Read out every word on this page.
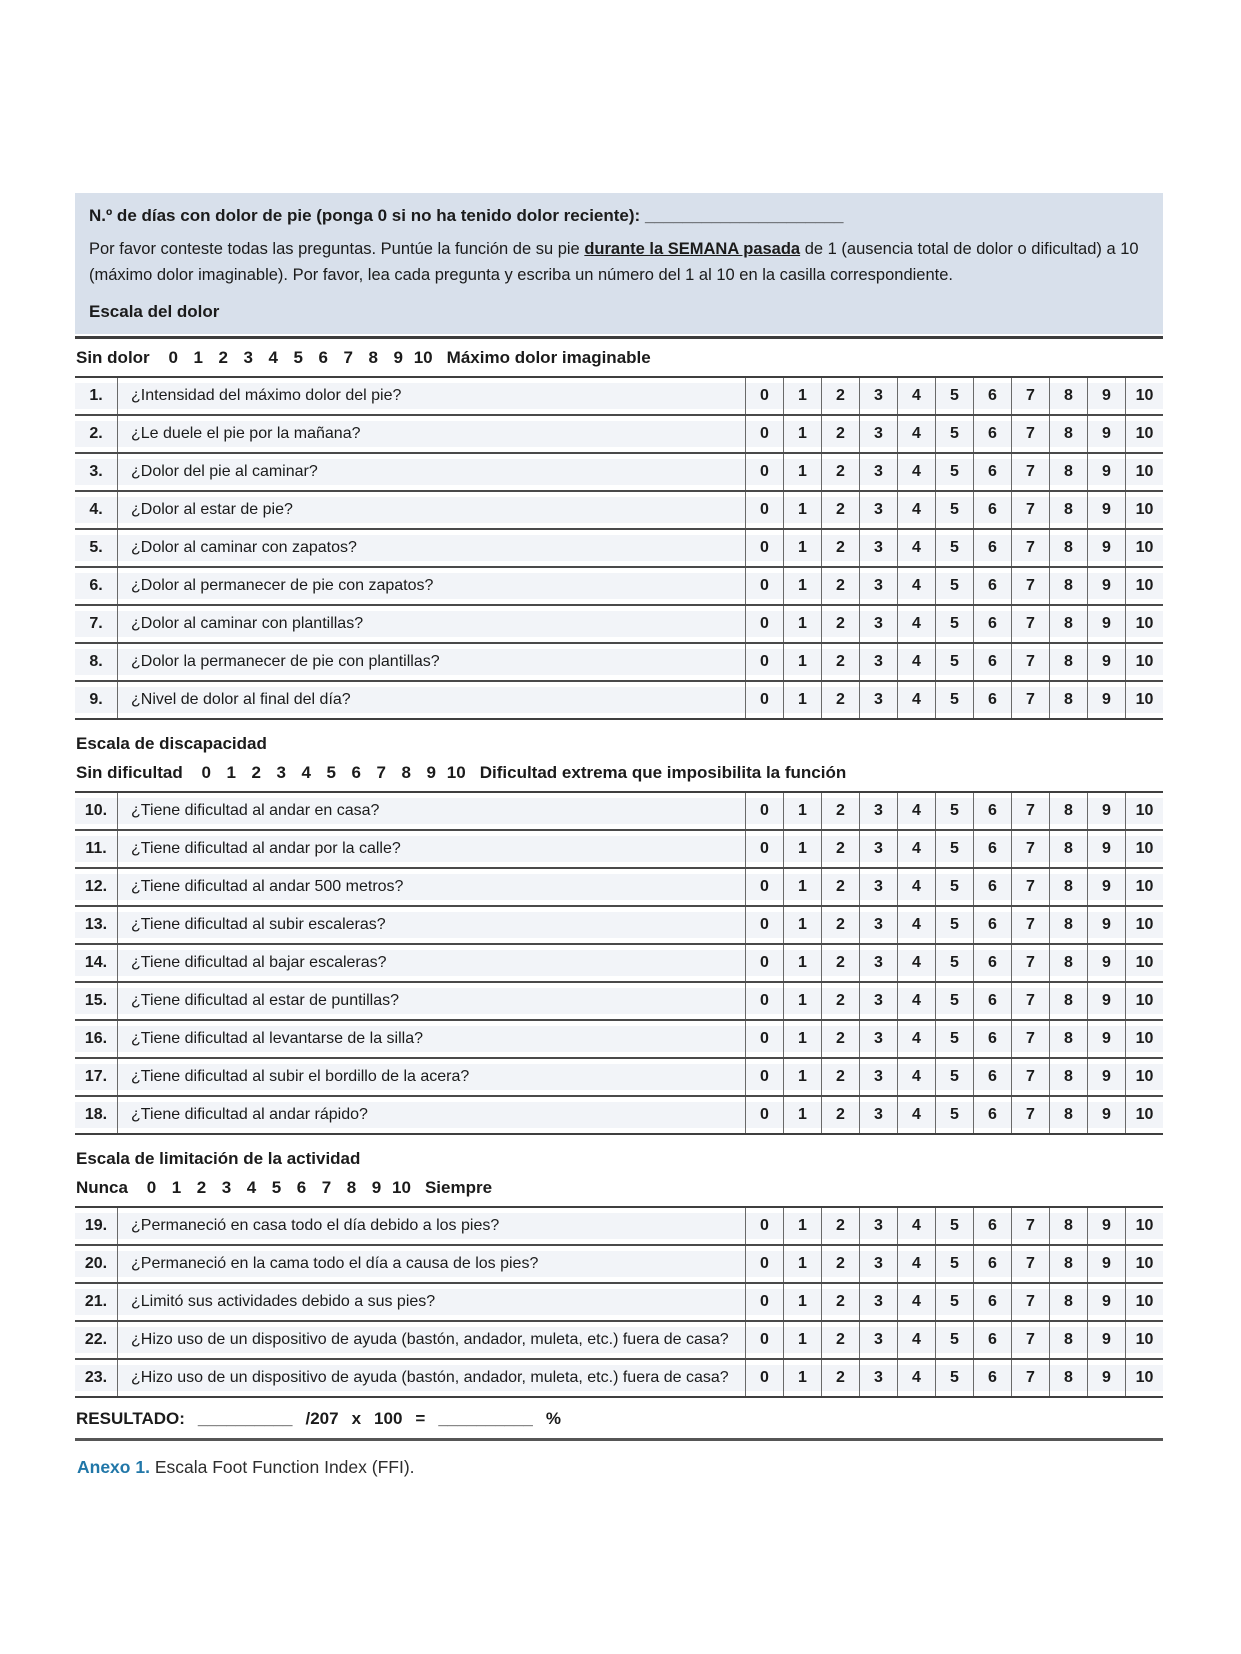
N.º de días con dolor de pie (ponga 0 si no ha tenido dolor reciente): _____________________

Por favor conteste todas las preguntas. Puntúe la función de su pie durante la SEMANA pasada de 1 (ausencia total de dolor o dificultad) a 10 (máximo dolor imaginable). Por favor, lea cada pregunta y escriba un número del 1 al 10 en la casilla correspondiente.

Escala del dolor
Sin dolor	0 1 2 3 4 5 6 7 8 9 10 Máximo dolor imaginable
1.	¿Intensidad del máximo dolor del pie?	0	1	2	3	4	5	6	7	8	9	10
2.	¿Le duele el pie por la mañana?	0	1	2	3	4	5	6	7	8	9	10
3.	¿Dolor del pie al caminar?	0	1	2	3	4	5	6	7	8	9	10
4.	¿Dolor al estar de pie?	0	1	2	3	4	5	6	7	8	9	10
5.	¿Dolor al caminar con zapatos?	0	1	2	3	4	5	6	7	8	9	10
6.	¿Dolor al permanecer de pie con zapatos?	0	1	2	3	4	5	6	7	8	9	10
7.	¿Dolor al caminar con plantillas?	0	1	2	3	4	5	6	7	8	9	10
8.	¿Dolor la permanecer de pie con plantillas?	0	1	2	3	4	5	6	7	8	9	10
9.	¿Nivel de dolor al final del día?	0	1	2	3	4	5	6	7	8	9	10
Escala de discapacidad
Sin dificultad	0 1 2 3 4 5 6 7 8 9 10 Dificultad extrema que imposibilita la función
10.	¿Tiene dificultad al andar en casa?	0	1	2	3	4	5	6	7	8	9	10
11.	¿Tiene dificultad al andar por la calle?	0	1	2	3	4	5	6	7	8	9	10
12.	¿Tiene dificultad al andar 500 metros?	0	1	2	3	4	5	6	7	8	9	10
13.	¿Tiene dificultad al subir escaleras?	0	1	2	3	4	5	6	7	8	9	10
14.	¿Tiene dificultad al bajar escaleras?	0	1	2	3	4	5	6	7	8	9	10
15.	¿Tiene dificultad al estar de puntillas?	0	1	2	3	4	5	6	7	8	9	10
16.	¿Tiene dificultad al levantarse de la silla?	0	1	2	3	4	5	6	7	8	9	10
17.	¿Tiene dificultad al subir el bordillo de la acera?	0	1	2	3	4	5	6	7	8	9	10
18.	¿Tiene dificultad al andar rápido?	0	1	2	3	4	5	6	7	8	9	10
Escala de limitación de la actividad
Nunca	0 1 2 3 4 5 6 7 8 9 10 Siempre
19.	¿Permaneció en casa todo el día debido a los pies?	0	1	2	3	4	5	6	7	8	9	10
20.	¿Permaneció en la cama todo el día a causa de los pies?	0	1	2	3	4	5	6	7	8	9	10
21.	¿Limitó sus actividades debido a sus pies?	0	1	2	3	4	5	6	7	8	9	10
22.	¿Hizo uso de un dispositivo de ayuda (bastón, andador, muleta, etc.) fuera de casa?	0	1	2	3	4	5	6	7	8	9	10
23.	¿Hizo uso de un dispositivo de ayuda (bastón, andador, muleta, etc.) fuera de casa?	0	1	2	3	4	5	6	7	8	9	10
RESULTADO: __________ /207 x 100 = __________ %
Anexo 1. Escala Foot Function Index (FFI).
